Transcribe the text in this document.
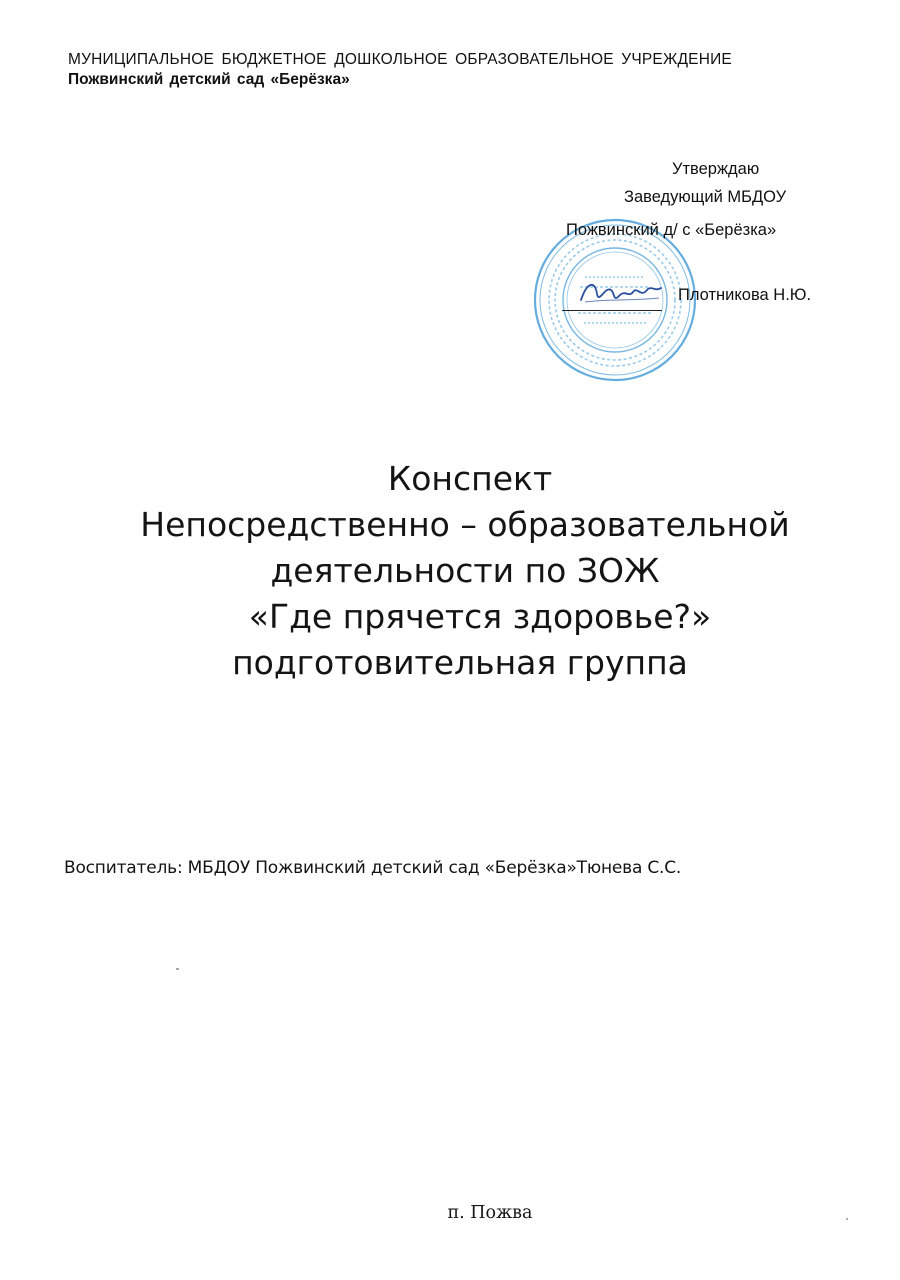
МУНИЦИПАЛЬНОЕ БЮДЖЕТНОЕ ДОШКОЛЬНОЕ ОБРАЗОВАТЕЛЬНОЕ УЧРЕЖДЕНИЕ
Пожвинский детский сад «Берёзка»
Утверждаю
Заведующий МБДОУ
Пожвинский д/ с «Берёзка»
Плотникова Н.Ю.
Конспект
Непосредственно – образовательной
деятельности по ЗОЖ
«Где прячется здоровье?»
подготовительная группа
Воспитатель: МБДОУ Пожвинский детский сад «Берёзка»Тюнева С.С.
п. Пожва
